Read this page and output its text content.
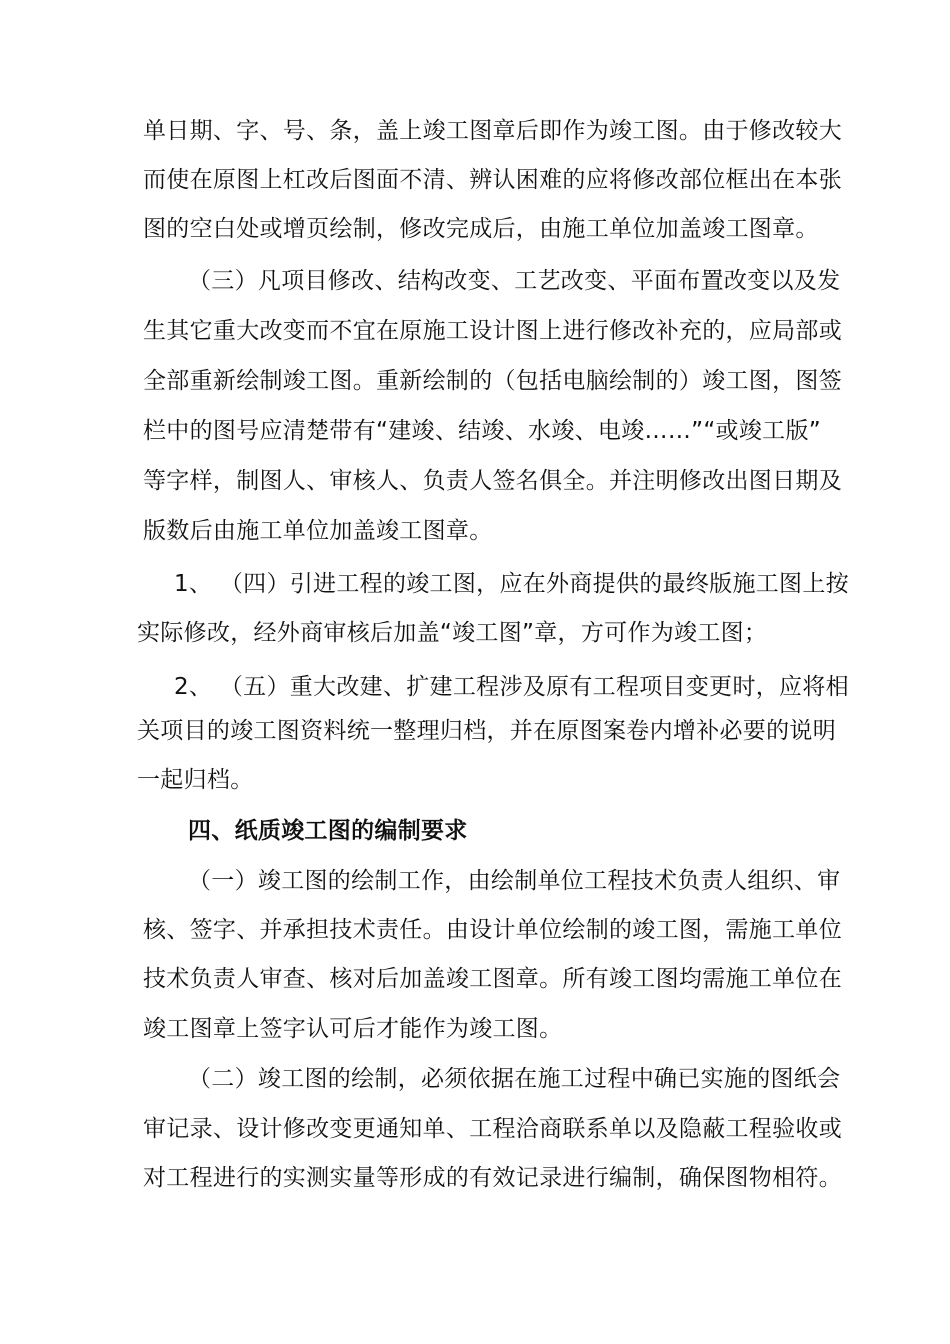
单日期、字、号、条，盖上竣工图章后即作为竣工图。由于修改较大
而使在原图上杠改后图面不清、辨认困难的应将修改部位框出在本张
图的空白处或增页绘制，修改完成后，由施工单位加盖竣工图章。
（三）凡项目修改、结构改变、工艺改变、平面布置改变以及发
生其它重大改变而不宜在原施工设计图上进行修改补充的，应局部或
全部重新绘制竣工图。重新绘制的（包括电脑绘制的）竣工图，图签
栏中的图号应清楚带有“建竣、结竣、水竣、电竣……”“或竣工版”
等字样，制图人、审核人、负责人签名俱全。并注明修改出图日期及
版数后由施工单位加盖竣工图章。
1、 （四）引进工程的竣工图，应在外商提供的最终版施工图上按
实际修改，经外商审核后加盖“竣工图”章，方可作为竣工图；
2、 （五）重大改建、扩建工程涉及原有工程项目变更时，应将相
关项目的竣工图资料统一整理归档，并在原图案卷内增补必要的说明
一起归档。
四、纸质竣工图的编制要求
（一）竣工图的绘制工作，由绘制单位工程技术负责人组织、审
核、签字、并承担技术责任。由设计单位绘制的竣工图，需施工单位
技术负责人审查、核对后加盖竣工图章。所有竣工图均需施工单位在
竣工图章上签字认可后才能作为竣工图。
（二）竣工图的绘制，必须依据在施工过程中确已实施的图纸会
审记录、设计修改变更通知单、工程洽商联系单以及隐蔽工程验收或
对工程进行的实测实量等形成的有效记录进行编制，确保图物相符。
